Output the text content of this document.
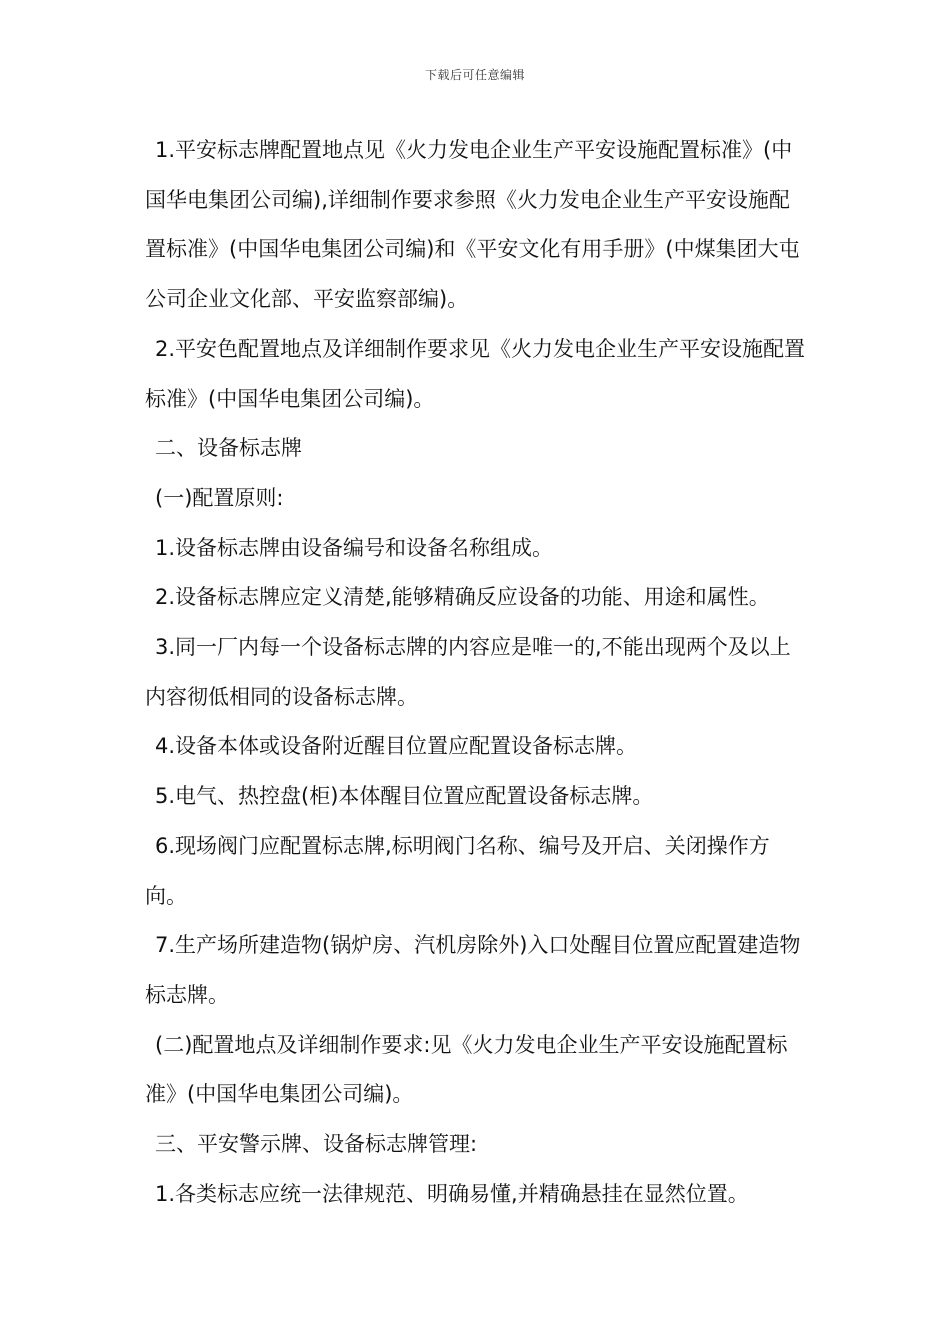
下载后可任意编辑

1.平安标志牌配置地点见《火力发电企业生产平安设施配置标准》(中国华电集团公司编),详细制作要求参照《火力发电企业生产平安设施配置标准》(中国华电集团公司编)和《平安文化有用手册》(中煤集团大屯公司企业文化部、平安监察部编)。

2.平安色配置地点及详细制作要求见《火力发电企业生产平安设施配置标准》(中国华电集团公司编)。

二、设备标志牌

(一)配置原则:

1.设备标志牌由设备编号和设备名称组成。

2.设备标志牌应定义清楚,能够精确反应设备的功能、用途和属性。

3.同一厂内每一个设备标志牌的内容应是唯一的,不能出现两个及以上内容彻低相同的设备标志牌。

4.设备本体或设备附近醒目位置应配置设备标志牌。

5.电气、热控盘(柜)本体醒目位置应配置设备标志牌。

6.现场阀门应配置标志牌,标明阀门名称、编号及开启、关闭操作方向。

7.生产场所建造物(锅炉房、汽机房除外)入口处醒目位置应配置建造物标志牌。

(二)配置地点及详细制作要求:见《火力发电企业生产平安设施配置标准》(中国华电集团公司编)。

三、平安警示牌、设备标志牌管理:

1.各类标志应统一法律规范、明确易懂,并精确悬挂在显然位置。
